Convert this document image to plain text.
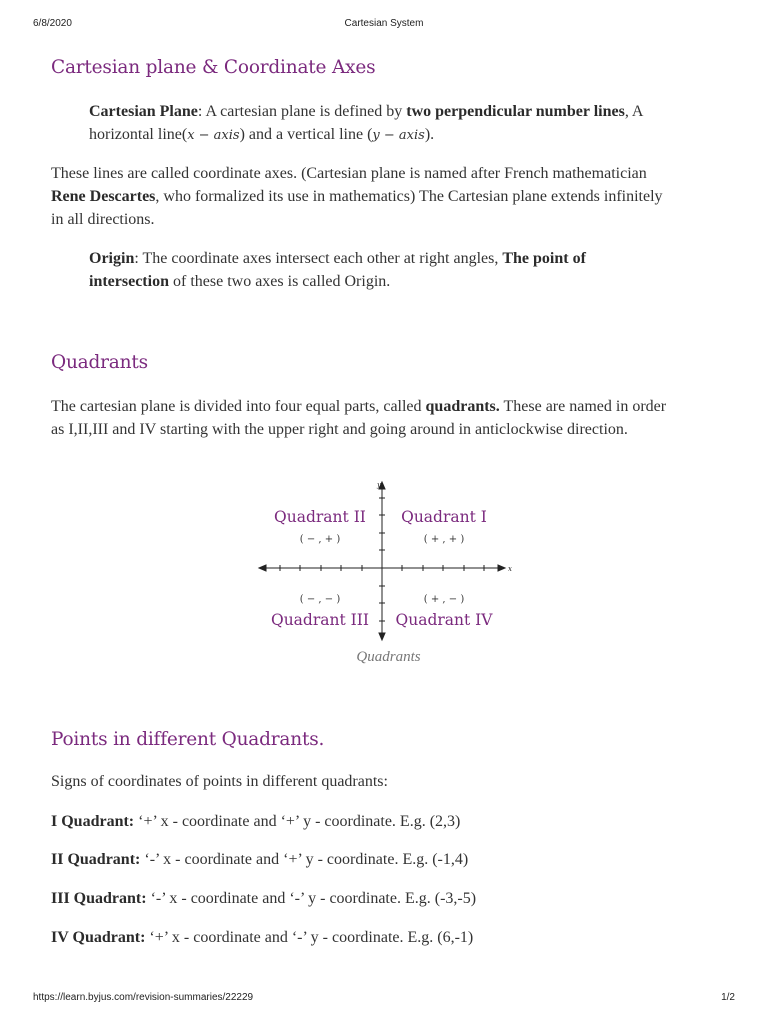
6/8/2020	Cartesian System
Cartesian plane & Coordinate Axes

Cartesian Plane: A cartesian plane is defined by two perpendicular number lines, A
horizontal line(x − axis) and a vertical line (y − axis).

These lines are called coordinate axes. (Cartesian plane is named after French mathematician
Rene Descartes, who formalized its use in mathematics) The Cartesian plane extends infinitely
in all directions.

Origin: The coordinate axes intersect each other at right angles, The point of
intersection of these two axes is called Origin.

Quadrants

The cartesian plane is divided into four equal parts, called quadrants. These are named in order
as I,II,III and IV starting with the upper right and going around in anticlockwise direction.

y
x
Quadrant II
( − , + )
Quadrant I
( + , + )
( − , − )
Quadrant III
( + , − )
Quadrant IV
Quadrants
Points in different Quadrants.

Signs of coordinates of points in different quadrants:

I Quadrant: ‘+’ x - coordinate and ‘+’ y - coordinate. E.g. (2,3)

II Quadrant: ‘-’ x - coordinate and ‘+’ y - coordinate. E.g. (-1,4)

III Quadrant: ‘-’ x - coordinate and ‘-’ y - coordinate. E.g. (-3,-5)

IV Quadrant: ‘+’ x - coordinate and ‘-’ y - coordinate. E.g. (6,-1)

https://learn.byjus.com/revision-summaries/22229	1/2
